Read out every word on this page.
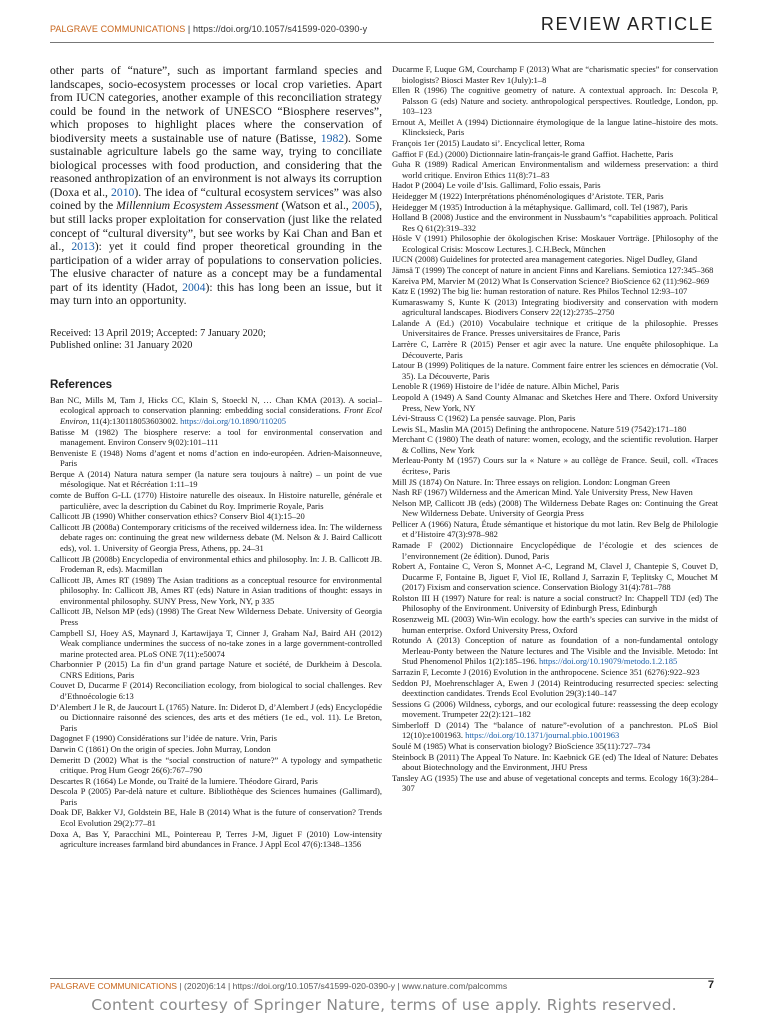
PALGRAVE COMMUNICATIONS | https://doi.org/10.1057/s41599-020-0390-y	REVIEW ARTICLE

other parts of “nature”, such as important farmland species and landscapes, socio-ecosystem processes or local crop varieties. Apart from IUCN categories, another example of this reconciliation strategy could be found in the network of UNESCO “Biosphere reserves”, which proposes to highlight places where the conservation of biodiversity meets a sustainable use of nature (Batisse, 1982). Some sustainable agriculture labels go the same way, trying to conciliate biological processes with food production, and considering that the reasoned anthropization of an environment is not always its corruption (Doxa et al., 2010). The idea of “cultural ecosystem services” was also coined by the Millennium Ecosystem Assessment (Watson et al., 2005), but still lacks proper exploitation for conservation (just like the related concept of “cultural diversity”, but see works by Kai Chan and Ban et al., 2013): yet it could find proper theoretical grounding in the participation of a wider array of populations to conservation policies. The elusive character of nature as a concept may be a fundamental part of its identity (Hadot, 2004): this has long been an issue, but it may turn into an opportunity.

Received: 13 April 2019; Accepted: 7 January 2020;
Published online: 31 January 2020
References

Ban NC, Mills M, Tam J, Hicks CC, Klain S, Stoeckl N, … Chan KMA (2013). A social–ecological approach to conservation planning: embedding social considerations. Front Ecol Environ, 11(4):130118053603002. https://doi.org/10.1890/110205

Batisse M (1982) The biosphere reserve: a tool for environmental conservation and management. Environ Conserv 9(02):101–111

Benveniste E (1948) Noms d’agent et noms d’action en indo-européen. Adrien-Maisonneuve, Paris

Berque A (2014) Natura natura semper (la nature sera toujours à naître) – un point de vue mésologique. Nat et Récréation 1:11–19

comte de Buffon G-LL (1770) Histoire naturelle des oiseaux. In Histoire naturelle, générale et particulière, avec la description du Cabinet du Roy. Imprimerie Royale, Paris

Callicott JB (1990) Whither conservation ethics? Conserv Biol 4(1):15–20

Callicott JB (2008a) Contemporary criticisms of the received wilderness idea. In: The wilderness debate rages on: continuing the great new wilderness debate (M. Nelson & J. Baird Callicott eds), vol. 1. University of Georgia Press, Athens, pp. 24–31

Callicott JB (2008b) Encyclopedia of environmental ethics and philosophy. In: J. B. Callicott JB. Frodeman R, eds). Macmillan

Callicott JB, Ames RT (1989) The Asian traditions as a conceptual resource for environmental philosophy. In: Callicott JB, Ames RT (eds) Nature in Asian traditions of thought: essays in environmental philosophy. SUNY Press, New York, NY, p 335

Callicott JB, Nelson MP (eds) (1998) The Great New Wilderness Debate. University of Georgia Press

Campbell SJ, Hoey AS, Maynard J, Kartawijaya T, Cinner J, Graham NaJ, Baird AH (2012) Weak compliance undermines the success of no-take zones in a large government-controlled marine protected area. PLoS ONE 7(11):e50074

Charbonnier P (2015) La fin d’un grand partage Nature et société, de Durkheim à Descola. CNRS Editions, Paris

Couvet D, Ducarme F (2014) Reconciliation ecology, from biological to social challenges. Rev d’Ethnoécologie 6:13

D’Alembert J le R, de Jaucourt L (1765) Nature. In: Diderot D, d’Alembert J (eds) Encyclopédie ou Dictionnaire raisonné des sciences, des arts et des métiers (1e ed., vol. 11). Le Breton, Paris

Dagognet F (1990) Considérations sur l’idée de nature. Vrin, Paris

Darwin C (1861) On the origin of species. John Murray, London

Demeritt D (2002) What is the “social construction of nature?” A typology and sympathetic critique. Prog Hum Geogr 26(6):767–790

Descartes R (1664) Le Monde, ou Traité de la lumiere. Théodore Girard, Paris

Descola P (2005) Par-delà nature et culture. Bibliothèque des Sciences humaines (Gallimard), Paris

Doak DF, Bakker VJ, Goldstein BE, Hale B (2014) What is the future of conservation? Trends Ecol Evolution 29(2):77–81

Doxa A, Bas Y, Paracchini ML, Pointereau P, Terres J-M, Jiguet F (2010) Low-intensity agriculture increases farmland bird abundances in France. J Appl Ecol 47(6):1348–1356

Ducarme F, Luque GM, Courchamp F (2013) What are “charismatic species” for conservation biologists? Biosci Master Rev 1(July):1–8

Ellen R (1996) The cognitive geometry of nature. A contextual approach. In: Descola P, Palsson G (eds) Nature and society. anthropological perspectives. Routledge, London, pp. 103–123

Ernout A, Meillet A (1994) Dictionnaire étymologique de la langue latine–histoire des mots. Klincksieck, Paris

François 1er (2015) Laudato si’. Encyclical letter, Roma

Gaffiot F (Ed.) (2000) Dictionnaire latin-français-le grand Gaffiot. Hachette, Paris

Guha R (1989) Radical American Environmentalism and wilderness preservation: a third world critique. Environ Ethics 11(8):71–83

Hadot P (2004) Le voile d’Isis. Gallimard, Folio essais, Paris

Heidegger M (1922) Interprétations phénoménologiques d’Aristote. TER, Paris

Heidegger M (1935) Introduction à la métaphysique. Gallimard, coll. Tel (1987), Paris

Holland B (2008) Justice and the environment in Nussbaum’s “capabilities approach. Political Res Q 61(2):319–332

Hösle V (1991) Philosophie der ökologischen Krise: Moskauer Vorträge. [Philosophy of the Ecological Crisis: Moscow Lectures.]. C.H.Beck, München

IUCN (2008) Guidelines for protected area management categories. Nigel Dudley, Gland

Jämsä T (1999) The concept of nature in ancient Finns and Karelians. Semiotica 127:345–368

Kareiva PM, Marvier M (2012) What Is Conservation Science? BioScience 62 (11):962–969

Katz E (1992) The big lie: human restoration of nature. Res Philos Technol 12:93–107

Kumaraswamy S, Kunte K (2013) Integrating biodiversity and conservation with modern agricultural landscapes. Biodivers Conserv 22(12):2735–2750

Lalande A (Ed.) (2010) Vocabulaire technique et critique de la philosophie. Presses Universitaires de France. Presses universitaires de France, Paris

Larrère C, Larrère R (2015) Penser et agir avec la nature. Une enquête philosophique. La Découverte, Paris

Latour B (1999) Politiques de la nature. Comment faire entrer les sciences en démocratie (Vol. 35). La Découverte, Paris

Lenoble R (1969) Histoire de l’idée de nature. Albin Michel, Paris

Leopold A (1949) A Sand County Almanac and Sketches Here and There. Oxford University Press, New York, NY

Lévi-Strauss C (1962) La pensée sauvage. Plon, Paris

Lewis SL, Maslin MA (2015) Defining the anthropocene. Nature 519 (7542):171–180

Merchant C (1980) The death of nature: women, ecology, and the scientific revolution. Harper & Collins, New York

Merleau-Ponty M (1957) Cours sur la « Nature » au collège de France. Seuil, coll. «Traces écrites», Paris

Mill JS (1874) On Nature. In: Three essays on religion. London: Longman Green

Nash RF (1967) Wilderness and the American Mind. Yale University Press, New Haven

Nelson MP, Callicott JB (eds) (2008) The Wilderness Debate Rages on: Continuing the Great New Wilderness Debate. University of Georgia Press

Pellicer A (1966) Natura, Étude sémantique et historique du mot latin. Rev Belg de Philologie et d’Histoire 47(3):978–982

Ramade F (2002) Dictionnaire Encyclopédique de l’écologie et des sciences de l’environnement (2e édition). Dunod, Paris

Robert A, Fontaine C, Veron S, Monnet A-C, Legrand M, Clavel J, Chantepie S, Couvet D, Ducarme F, Fontaine B, Jiguet F, Viol IE, Rolland J, Sarrazin F, Teplitsky C, Mouchet M (2017) Fixism and conservation science. Conservation Biology 31(4):781–788

Rolston III H (1997) Nature for real: is nature a social construct? In: Chappell TDJ (ed) The Philosophy of the Environment. University of Edinburgh Press, Edinburgh

Rosenzweig ML (2003) Win-Win ecology. how the earth’s species can survive in the midst of human enterprise. Oxford University Press, Oxford

Rotundo A (2013) Conception of nature as foundation of a non-fundamental ontology Merleau-Ponty between the Nature lectures and The Visible and the Invisible. Metodo: Int Stud Phenomenol Philos 1(2):185–196. https://doi.org/10.19079/metodo.1.2.185

Sarrazin F, Lecomte J (2016) Evolution in the anthropocene. Science 351 (6276):922–923

Seddon PJ, Moehrenschlager A, Ewen J (2014) Reintroducing resurrected species: selecting deextinction candidates. Trends Ecol Evolution 29(3):140–147

Sessions G (2006) Wildness, cyborgs, and our ecological future: reassessing the deep ecology movement. Trumpeter 22(2):121–182

Simberloff D (2014) The “balance of nature”-evolution of a panchreston. PLoS Biol 12(10):e1001963. https://doi.org/10.1371/journal.pbio.1001963

Soulé M (1985) What is conservation biology? BioScience 35(11):727–734

Steinbock B (2011) The Appeal To Nature. In: Kaebnick GE (ed) The Ideal of Nature: Debates about Biotechnology and the Environment, JHU Press

Tansley AG (1935) The use and abuse of vegetational concepts and terms. Ecology 16(3):284–307

PALGRAVE COMMUNICATIONS | (2020)6:14 | https://doi.org/10.1057/s41599-020-0390-y | www.nature.com/palcomms	7
Content courtesy of Springer Nature, terms of use apply. Rights reserved.
